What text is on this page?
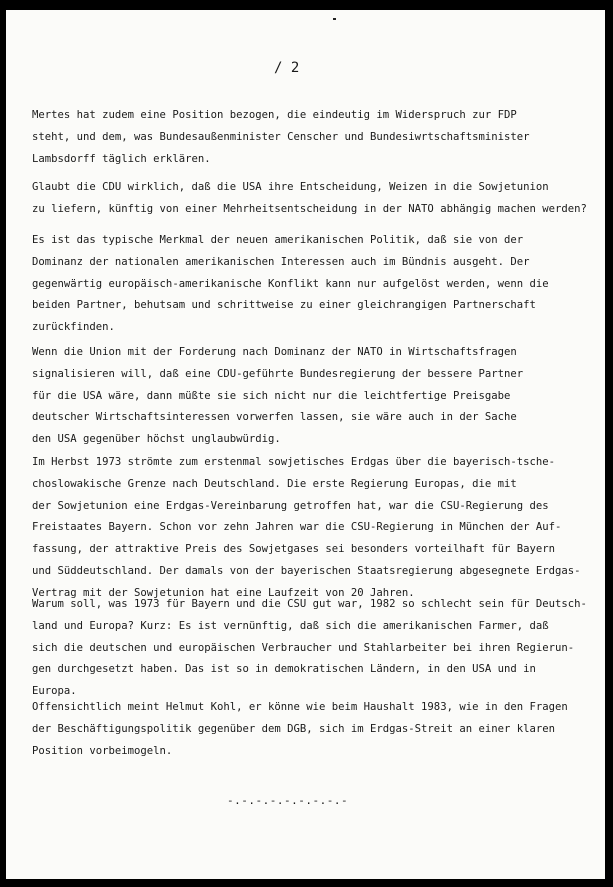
/ 2

Mertes hat zudem eine Position bezogen, die eindeutig im Widerspruch zur FDP
steht, und dem, was Bundesaußenminister Censcher und Bundesiwrtschaftsminister
Lambsdorff täglich erklären.

Glaubt die CDU wirklich, daß die USA ihre Entscheidung, Weizen in die Sowjetunion
zu liefern, künftig von einer Mehrheitsentscheidung in der NATO abhängig machen werden?

Es ist das typische Merkmal der neuen amerikanischen Politik, daß sie von der
Dominanz der nationalen amerikanischen Interessen auch im Bündnis ausgeht. Der
gegenwärtig europäisch-amerikanische Konflikt kann nur aufgelöst werden, wenn die
beiden Partner, behutsam und schrittweise zu einer gleichrangigen Partnerschaft
zurückfinden.

Wenn die Union mit der Forderung nach Dominanz der NATO in Wirtschaftsfragen
signalisieren will, daß eine CDU-geführte Bundesregierung der bessere Partner
für die USA wäre, dann müßte sie sich nicht nur die leichtfertige Preisgabe
deutscher Wirtschaftsinteressen vorwerfen lassen, sie wäre auch in der Sache
den USA gegenüber höchst unglaubwürdig.

Im Herbst 1973 strömte zum erstenmal sowjetisches Erdgas über die bayerisch-tsche-
choslowakische Grenze nach Deutschland. Die erste Regierung Europas, die mit
der Sowjetunion eine Erdgas-Vereinbarung getroffen hat, war die CSU-Regierung des
Freistaates Bayern. Schon vor zehn Jahren war die CSU-Regierung in München der Auf-
fassung, der attraktive Preis des Sowjetgases sei besonders vorteilhaft für Bayern
und Süddeutschland. Der damals von der bayerischen Staatsregierung abgesegnete Erdgas-
Vertrag mit der Sowjetunion hat eine Laufzeit von 20 Jahren.

Warum soll, was 1973 für Bayern und die CSU gut war, 1982 so schlecht sein für Deutsch-
land und Europa? Kurz: Es ist vernünftig, daß sich die amerikanischen Farmer, daß
sich die deutschen und europäischen Verbraucher und Stahlarbeiter bei ihren Regierun-
gen durchgesetzt haben. Das ist so in demokratischen Ländern, in den USA und in
Europa.

Offensichtlich meint Helmut Kohl, er könne wie beim Haushalt 1983, wie in den Fragen
der Beschäftigungspolitik gegenüber dem DGB, sich im Erdgas-Streit an einer klaren
Position vorbeimogeln.

-.-.-.-.-.-.-.-.-
